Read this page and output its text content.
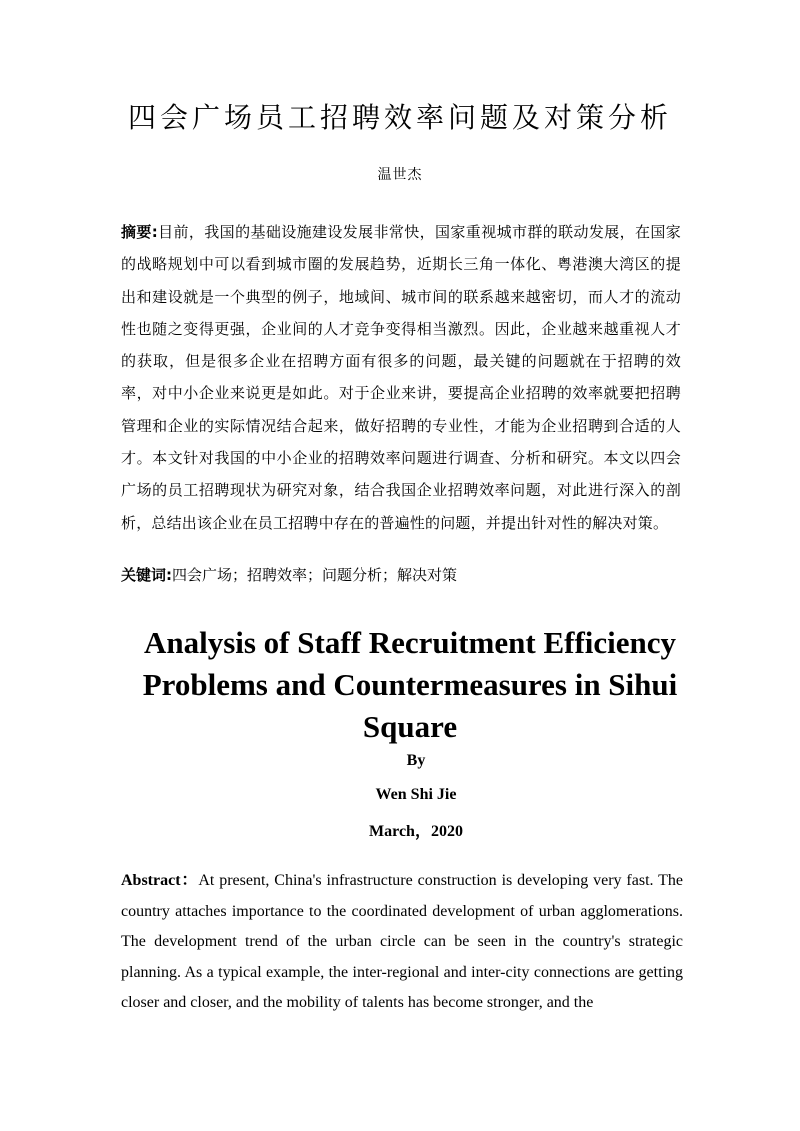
四会广场员工招聘效率问题及对策分析
温世杰
摘要:目前，我国的基础设施建设发展非常快，国家重视城市群的联动发展，在国家的战略规划中可以看到城市圈的发展趋势，近期长三角一体化、粤港澳大湾区的提出和建设就是一个典型的例子，地域间、城市间的联系越来越密切，而人才的流动性也随之变得更强，企业间的人才竞争变得相当激烈。因此，企业越来越重视人才的获取，但是很多企业在招聘方面有很多的问题，最关键的问题就在于招聘的效率，对中小企业来说更是如此。对于企业来讲，要提高企业招聘的效率就要把招聘管理和企业的实际情况结合起来，做好招聘的专业性，才能为企业招聘到合适的人才。本文针对我国的中小企业的招聘效率问题进行调查、分析和研究。本文以四会广场的员工招聘现状为研究对象，结合我国企业招聘效率问题，对此进行深入的剖析，总结出该企业在员工招聘中存在的普遍性的问题，并提出针对性的解决对策。
关键词:四会广场；招聘效率；问题分析；解决对策
Analysis of Staff Recruitment Efficiency Problems and Countermeasures in Sihui Square
By
Wen Shi Jie
March，2020
Abstract：At present, China's infrastructure construction is developing very fast. The country attaches importance to the coordinated development of urban agglomerations. The development trend of the urban circle can be seen in the country's strategic planning. As a typical example, the inter-regional and inter-city connections are getting closer and closer, and the mobility of talents has become stronger, and the
